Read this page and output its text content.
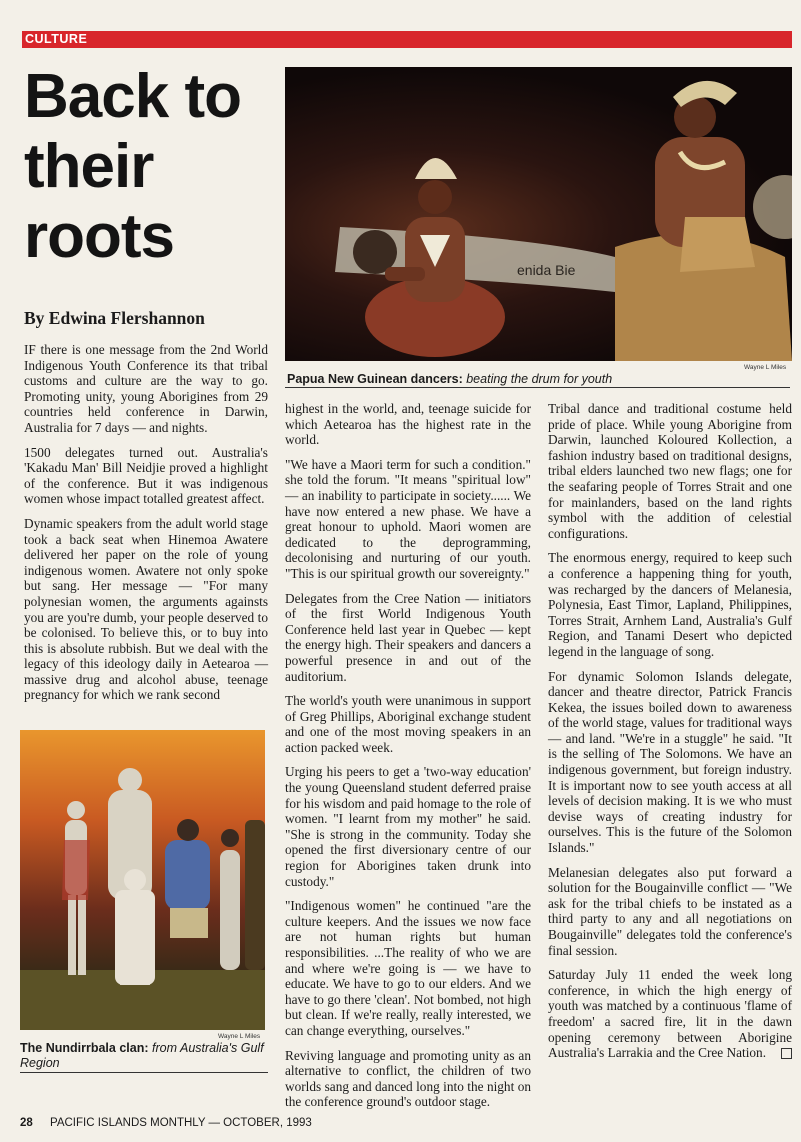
CULTURE
Back to
their
roots
By Edwina Flershannon
enida Bie
Wayne L Miles
Papua New Guinean dancers: beating the drum for youth
Wayne L Miles
The Nundirrbala clan: from Australia's Gulf Region

IF there is one message from the 2nd World Indigenous Youth Conference its that tribal customs and culture are the way to go. Promoting unity, young Aborigines from 29 countries held conference in Darwin, Australia for 7 days — and nights.

1500 delegates turned out. Australia's 'Kakadu Man' Bill Neidjie proved a highlight of the conference. But it was indigenous women whose impact totalled greatest affect.

Dynamic speakers from the adult world stage took a back seat when Hinemoa Awatere delivered her paper on the role of young indigenous women. Awatere not only spoke but sang. Her message — "For many polynesian women, the arguments againsts you are you're dumb, your people deserved to be colonised. To believe this, or to buy into this is absolute rubbish. But we deal with the legacy of this ideology daily in Aetearoa — massive drug and alcohol abuse, teenage pregnancy for which we rank second

highest in the world, and, teenage suicide for which Aetearoa has the highest rate in the world.

"We have a Maori term for such a condition." she told the forum. "It means "spiritual low" — an inability to participate in society...... We have now entered a new phase. We have a great honour to uphold. Maori women are dedicated to the deprogramming, decolonising and nurturing of our youth. "This is our spiritual growth our sovereignty."

Delegates from the Cree Nation — initiators of the first World Indigenous Youth Conference held last year in Quebec — kept the energy high. Their speakers and dancers a powerful presence in and out of the auditorium.

The world's youth were unanimous in support of Greg Phillips, Aboriginal exchange student and one of the most moving speakers in an action packed week.

Urging his peers to get a 'two-way education' the young Queensland student deferred praise for his wisdom and paid homage to the role of women. "I learnt from my mother" he said. "She is strong in the community. Today she opened the first diversionary centre of our region for Aborigines taken drunk into custody."

"Indigenous women" he continued "are the culture keepers. And the issues we now face are not human rights but human responsibilities. ...The reality of who we are and where we're going is — we have to educate. We have to go to our elders. And we have to go there 'clean'. Not bombed, not high but clean. If we're really, really interested, we can change everything, ourselves."

Reviving language and promoting unity as an alternative to conflict, the children of two worlds sang and danced long into the night on the conference ground's outdoor stage.

Tribal dance and traditional costume held pride of place. While young Aborigine from Darwin, launched Koloured Kollection, a fashion industry based on traditional designs, tribal elders launched two new flags; one for the seafaring people of Torres Strait and one for mainlanders, based on the land rights symbol with the addition of celestial configurations.

The enormous energy, required to keep such a conference a happening thing for youth, was recharged by the dancers of Melanesia, Polynesia, East Timor, Lapland, Philippines, Torres Strait, Arnhem Land, Australia's Gulf Region, and Tanami Desert who depicted legend in the language of song.

For dynamic Solomon Islands delegate, dancer and theatre director, Patrick Francis Kekea, the issues boiled down to awareness of the world stage, values for traditional ways — and land. "We're in a stuggle" he said. "It is the selling of The Solomons. We have an indigenous government, but foreign industry. It is important now to see youth access at all levels of decision making. It is we who must devise ways of creating industry for ourselves. This is the future of the Solomon Islands."

Melanesian delegates also put forward a solution for the Bougainville conflict — "We ask for the tribal chiefs to be instated as a third party to any and all negotiations on Bougainville" delegates told the conference's final session.

Saturday July 11 ended the week long conference, in which the high energy of youth was matched by a continuous 'flame of freedom' a sacred fire, lit in the dawn opening ceremony between Aborigine Australia's Larrakia and the Cree Nation.

28 PACIFIC ISLANDS MONTHLY — OCTOBER, 1993
